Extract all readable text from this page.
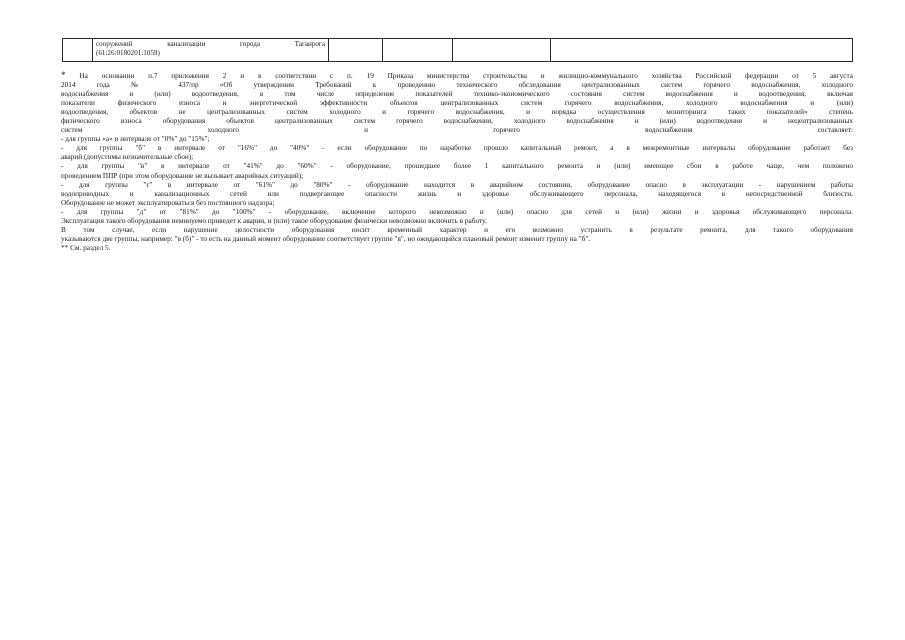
сооружений канализации города Таганрога
(61:26:0180201:1059)

* На основании п.7 приложения 2 и в соответствии с п. 19 Приказа министерства строительства и жилищно-коммунального хозяйства Российской федерации от 5 августа
2014 года № 437/пр «Об утверждении Требований к проведению технического обследования централизованных систем горячего водоснабжения, холодного
водоснабжения и (или) водоотведения, в том числе определение показателей технико-экономического состояния систем водоснабжения и водоотведения, включая
показатели физического износа и энергетической эффективности объектов централизованных систем горячего водоснабжения, холодного водоснабжения и (или)
водоотведения, объектов не централизованных систем холодного и горячего водоснабжения, и порядка осуществления мониторинга таких показателей» степень
физического износа оборудования объектов централизованных систем горячего водоснабжения, холодного водоснабжения и (или) водоотведения и нецентрализованных
систем	холодного	и	горячего	водоснабжения	составляет:

- для группы «а» и интервале от "0%" до "15%";

- для группы "б" в интервале от "16%" до "40%" - если оборудование по наработке прошло капитальный ремонт, а в межремонтные интервалы оборудование работает без
аварий (допустимы незначительные сбои);

- для группы "в" в интервале от "41%" до "60%" - оборудование, прошедшее более 1 капитального ремонта и (или) имеющее сбои в работе чаще, чем положено
проведением ППР (при этом оборудование не вызывает аварийных ситуаций);

- для группы "г" в интервале от "61%" до "80%" - оборудование находится в аварийном состоянии, оборудование опасно в эксплуатации - нарушением работы
водопроводных и канализационных сетей или подвергающее опасности жизнь и здоровье обслуживающего персонала, находящегося в непосредственной близости.
Оборудование не может эксплуатироваться без постоянного надзора;

- для группы "д" от "81%" до "100%" - оборудование, включение которого невозможно и (или) опасно для сетей и (или) жизни и здоровья обслуживающего персонала.
Эксплуатация такого оборудования неминуемо приведет к аварии, и (или) такое оборудование физически невозможно включить в работу.

В том случае, если нарушение целостности оборудования носит временный характер и его возможно устранить в результате ремонта, для такого оборудования
указываются две группы, например: "в (б)" - то есть на данный момент оборудование соответствует группе "в", но ожидающийся плановый ремонт изменит группу на "б".

** См. раздел 5.
